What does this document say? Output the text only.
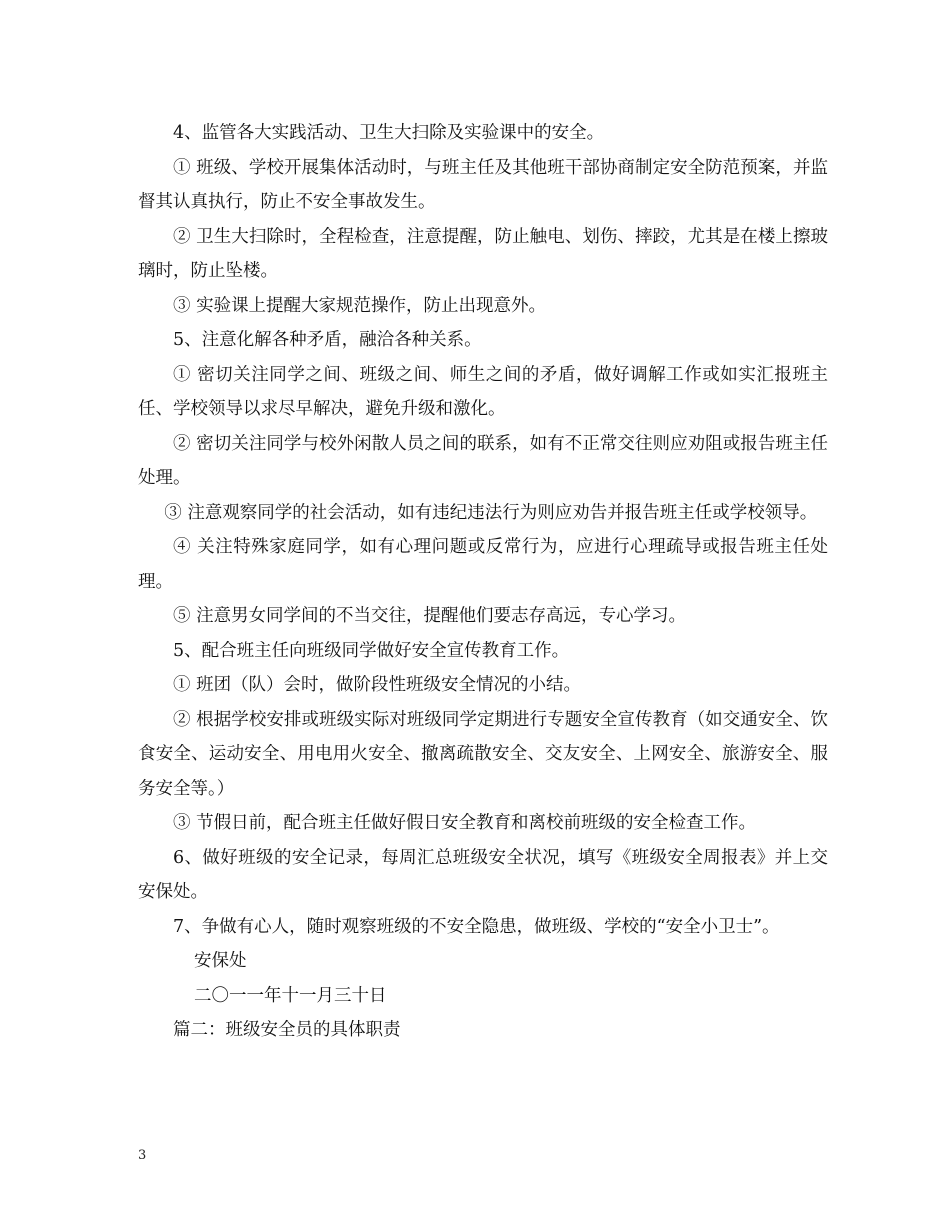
4、监管各大实践活动、卫生大扫除及实验课中的安全。

① 班级、学校开展集体活动时，与班主任及其他班干部协商制定安全防范预案，并监督其认真执行，防止不安全事故发生。

② 卫生大扫除时，全程检查，注意提醒，防止触电、划伤、摔跤，尤其是在楼上擦玻璃时，防止坠楼。

③ 实验课上提醒大家规范操作，防止出现意外。

5、注意化解各种矛盾，融洽各种关系。

① 密切关注同学之间、班级之间、师生之间的矛盾，做好调解工作或如实汇报班主任、学校领导以求尽早解决，避免升级和激化。

② 密切关注同学与校外闲散人员之间的联系，如有不正常交往则应劝阻或报告班主任处理。

③ 注意观察同学的社会活动，如有违纪违法行为则应劝告并报告班主任或学校领导。

④ 关注特殊家庭同学，如有心理问题或反常行为，应进行心理疏导或报告班主任处理。

⑤ 注意男女同学间的不当交往，提醒他们要志存高远，专心学习。

5、配合班主任向班级同学做好安全宣传教育工作。

① 班团（队）会时，做阶段性班级安全情况的小结。

② 根据学校安排或班级实际对班级同学定期进行专题安全宣传教育（如交通安全、饮食安全、运动安全、用电用火安全、撤离疏散安全、交友安全、上网安全、旅游安全、服务安全等。）

③ 节假日前，配合班主任做好假日安全教育和离校前班级的安全检查工作。

6、做好班级的安全记录，每周汇总班级安全状况，填写《班级安全周报表》并上交安保处。

7、争做有心人，随时观察班级的不安全隐患，做班级、学校的“安全小卫士”。

安保处

二〇一一年十一月三十日

篇二：班级安全员的具体职责

3
